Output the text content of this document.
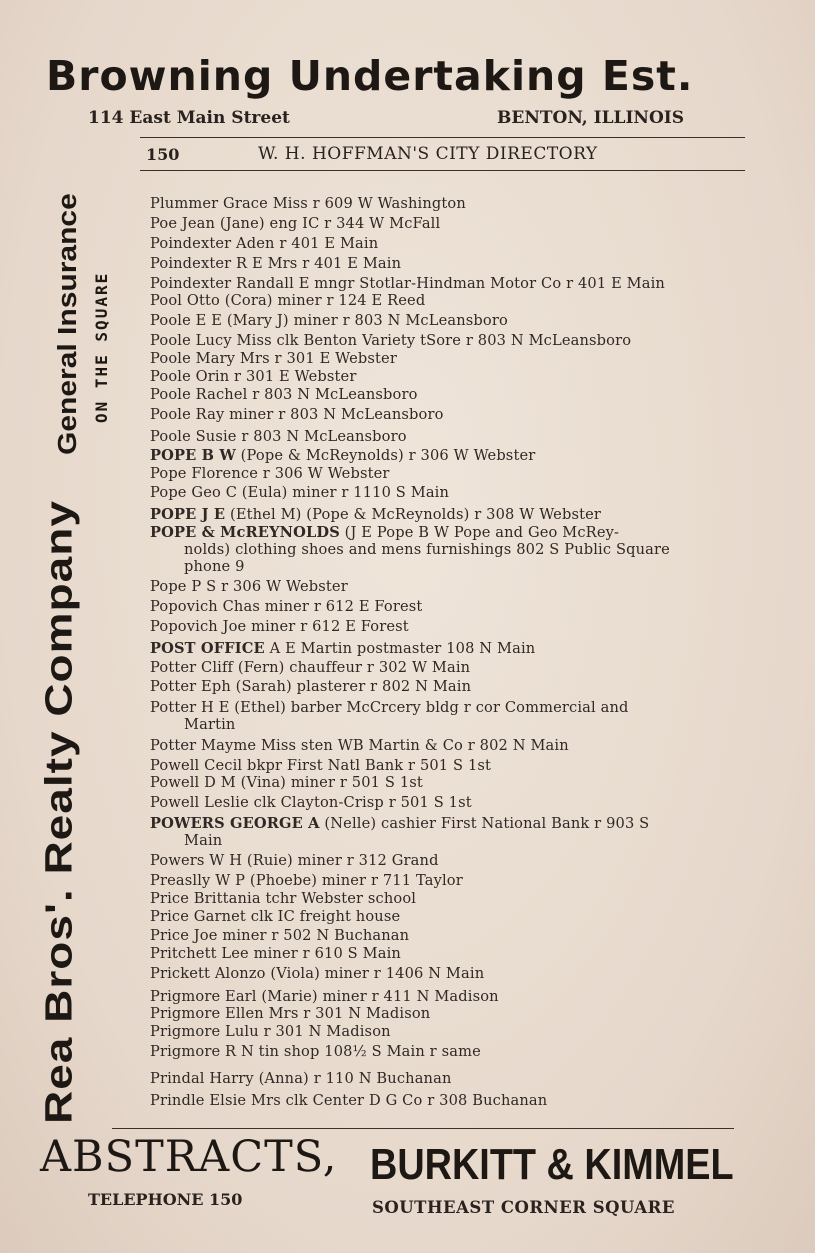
Browning Undertaking Est.
114 East Main Street	BENTON, ILLINOIS
150	W. H. HOFFMAN'S CITY DIRECTORY
Rea Bros'. Realty Company
General Insurance ON THE SQUARE
Plummer Grace Miss r 609 W Washington
Poe Jean (Jane) eng IC r 344 W McFall
Poindexter Aden r 401 E Main
Poindexter R E Mrs r 401 E Main
Poindexter Randall E mngr Stotlar-Hindman Motor Co r 401 E Main
Pool Otto (Cora) miner r 124 E Reed
Poole E E (Mary J) miner r 803 N McLeansboro
Poole Lucy Miss clk Benton Variety tSore r 803 N McLeansboro
Poole Mary Mrs r 301 E Webster
Poole Orin r 301 E Webster
Poole Rachel r 803 N McLeansboro
Poole Ray miner r 803 N McLeansboro
Poole Susie r 803 N McLeansboro
POPE B W (Pope & McReynolds) r 306 W Webster
Pope Florence r 306 W Webster
Pope Geo C (Eula) miner r 1110 S Main
POPE J E (Ethel M) (Pope & McReynolds) r 308 W Webster
POPE & McREYNOLDS (J E Pope B W Pope and Geo McRey-
nolds) clothing shoes and mens furnishings 802 S Public Square
phone 9
Pope P S r 306 W Webster
Popovich Chas miner r 612 E Forest
Popovich Joe miner r 612 E Forest
POST OFFICE A E Martin postmaster 108 N Main
Potter Cliff (Fern) chauffeur r 302 W Main
Potter Eph (Sarah) plasterer r 802 N Main
Potter H E (Ethel) barber McCrcery bldg r cor Commercial and
Martin
Potter Mayme Miss sten WB Martin & Co r 802 N Main
Powell Cecil bkpr First Natl Bank r 501 S 1st
Powell D M (Vina) miner r 501 S 1st
Powell Leslie clk Clayton-Crisp r 501 S 1st
POWERS GEORGE A (Nelle) cashier First National Bank r 903 S
Main
Powers W H (Ruie) miner r 312 Grand
Preaslly W P (Phoebe) miner r 711 Taylor
Price Brittania tchr Webster school
Price Garnet clk IC freight house
Price Joe miner r 502 N Buchanan
Pritchett Lee miner r 610 S Main
Prickett Alonzo (Viola) miner r 1406 N Main
Prigmore Earl (Marie) miner r 411 N Madison
Prigmore Ellen Mrs r 301 N Madison
Prigmore Lulu r 301 N Madison
Prigmore R N tin shop 108½ S Main r same
Prindal Harry (Anna) r 110 N Buchanan
Prindle Elsie Mrs clk Center D G Co r 308 Buchanan
ABSTRACTS, BURKITT & KIMMEL
TELEPHONE 150	SOUTHEAST CORNER SQUARE
